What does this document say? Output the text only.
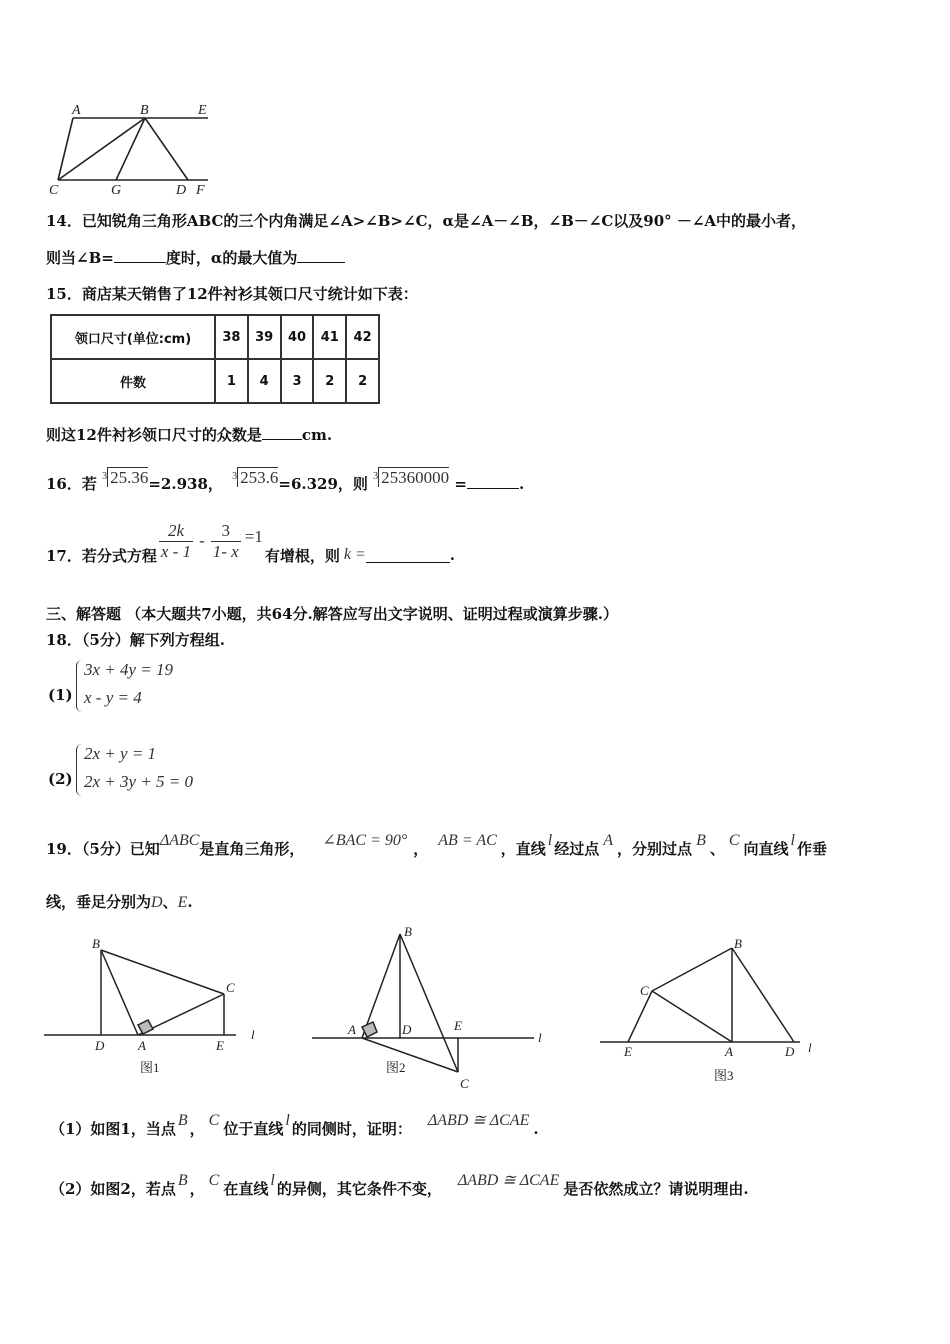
A	B	E
C	G	D F
14．已知锐角三角形ABC的三个内角满足∠A>∠B>∠C，α是∠A－∠B，∠B－∠C以及90° －∠A中的最小者，
则当∠B=	度时，α的最大值为
15．商店某天销售了12件衬衫其领口尺寸统计如下表：
领口尺寸(单位:cm)	38	39	40	41	42
件数	1	4	3	2	2
则这12件衬衫领口尺寸的众数是	cm.
16．若 $^3$ 25.36=2.938， $^3$ 253.6=6.329，则 $^3$ 25360000 =	.
17．若分式方程 $\frac{2k}{x - 1} - \frac{3}{1- x} =1$
有增根，则 k =	.
三、解答题 （本大题共7小题，共64分.解答应写出文字说明、证明过程或演算步骤.）
18．（5分）解下列方程组.
(1)
3x + 4y = 19
x - y = 4
(2)
2x + y = 1
2x + 3y + 5 = 0
19．（5分）已知ΔABC是直角三角形， ∠BAC = 90° ， AB = AC ，直线 l 经过点 A ，分别过点 B 、 C 向直线 l 作垂
线，垂足分别为D、E.
B
C
D	A	E
l
图1
B
A	D	E
l
C
图2
B
C
E	A	D l
图3
（1）如图1，当点 B ， C 位于直线 l 的同侧时，证明： ΔABD ≅ ΔCAE .
（2）如图2，若点 B ， C 在直线 l 的异侧，其它条件不变， ΔABD ≅ ΔCAE 是否依然成立？请说明理由.
